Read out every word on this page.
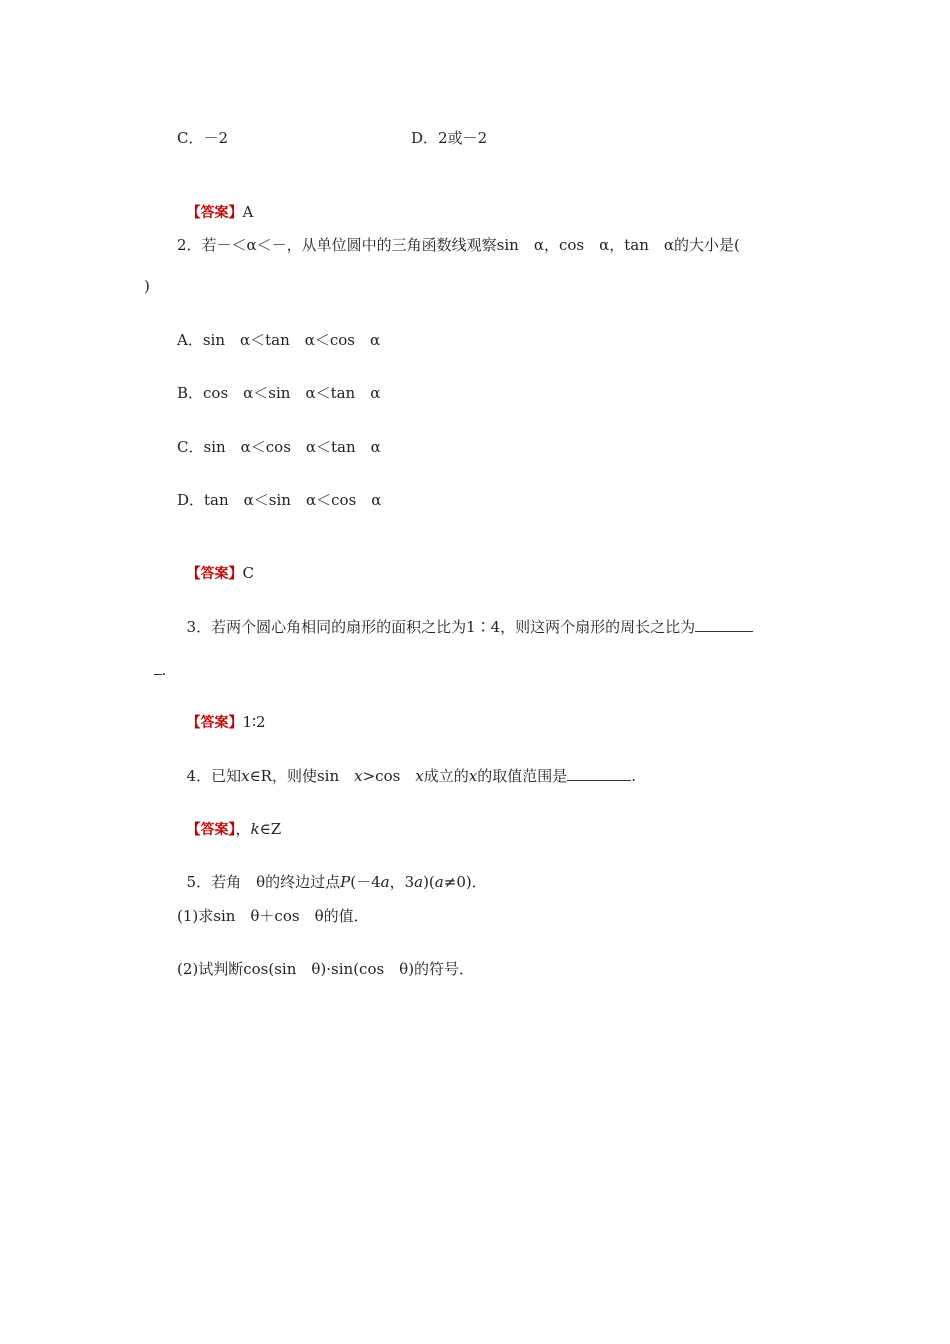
C．－2	D．2或－2

【答案】A

2．若－＜α＜－，从单位圆中的三角函数线观察sin　α，cos　α，tan　α的大小是(
)
A．sin　α＜tan　α＜cos　α
B．cos　α＜sin　α＜tan　α
C．sin　α＜cos　α＜tan　α
D．tan　α＜sin　α＜cos　α

【答案】C

3．若两个圆心角相同的扇形的面积之比为1∶4，则这两个扇形的周长之比为

.

【答案】1∶2

4．已知x∈R，则使sin　x>cos　x成立的x的取值范围是	.

【答案】，k∈Z

5．若角　θ的终边过点P(－4a，3a)(a≠0)．

(1)求sin　θ＋cos　θ的值．
(2)试判断cos(sin　θ)·sin(cos　θ)的符号．
